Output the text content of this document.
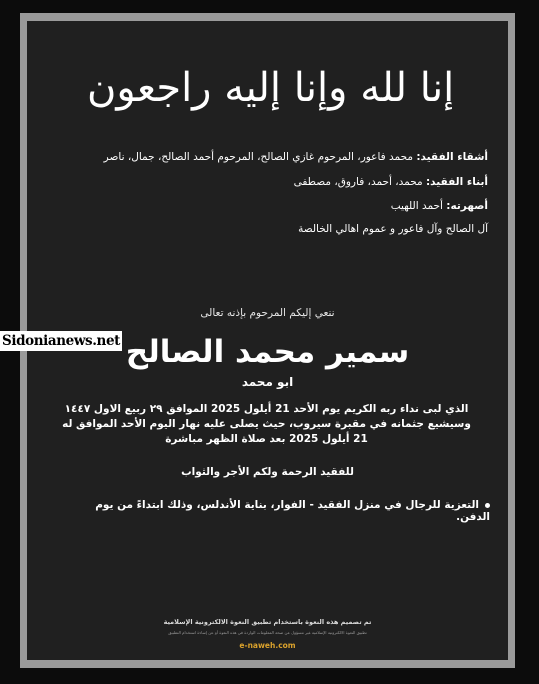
إنا لله وإنا إليه راجعون
أشقاء الفقيد: محمد فاعور، المرحوم غازي الصالح، المرحوم أحمد الصالح، جمال، ناصر
أبناء الفقيد: محمد، أحمد، فاروق، مصطفى
أصهرته: أحمد اللهيب
آل الصالح وآل فاعور و عموم اهالي الخالصة
ننعي إليكم المرحوم بإذنه تعالى
سمير محمد الصالح
ابو محمد
الذي لبى نداء ربه الكريم يوم الأحد 21 أيلول 2025 الموافق ٢٩ ربيع الاول ١٤٤٧ وسيشيع جثمانه في مقبرة سيروب، حيث يصلى عليه نهار اليوم الأحد الموافق له 21 أيلول 2025 بعد صلاة الظهر مباشرة
للفقيد الرحمة ولكم الأجر والثواب
التعزية للرجال في منزل الفقيد - الفوار، بناية الأندلس، وذلك ابتداءً من يوم الدفن.
تم تصميم هذه النعوة باستخدام تطبيق النعوة الالكترونية الإسلامية
تطبيق النعوة الالكترونية الإسلامية غير مسؤول عن صحة المعلومات الواردة في هذه النعوة أو عن إساءة استخدام التطبيق
e-naweh.com
Sidonianews.net
